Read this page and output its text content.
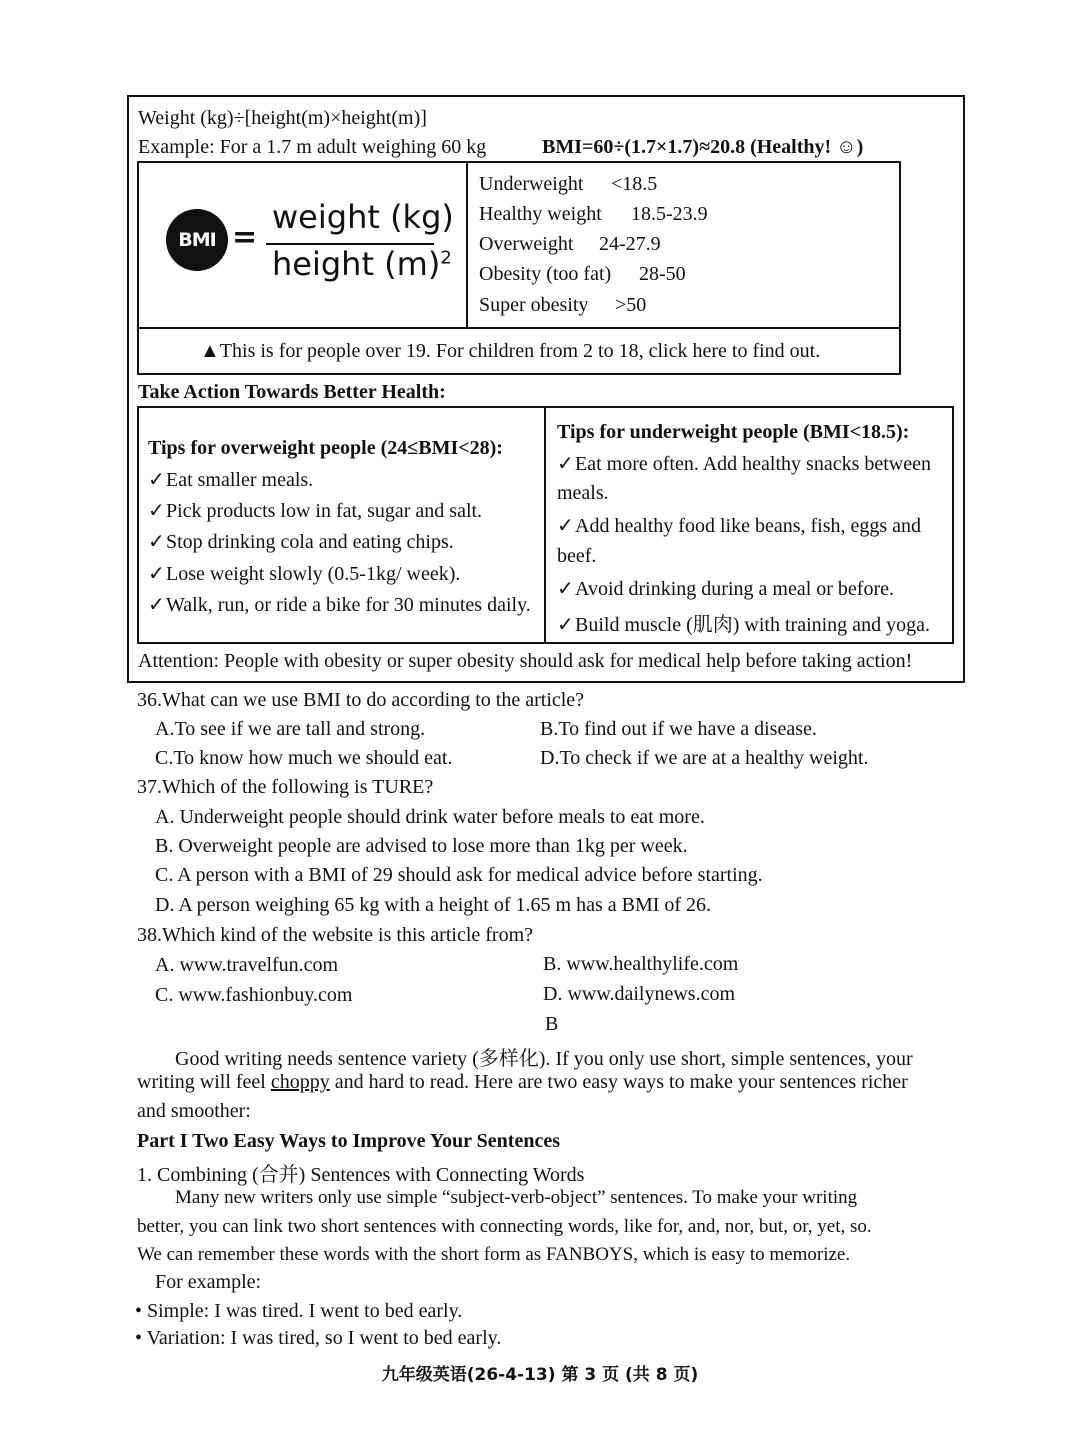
Weight (kg)÷[height(m)×height(m)]
Example: For a 1.7 m adult weighing 60 kg	BMI=60÷(1.7×1.7)≈20.8 (Healthy! ☺)
BMI =
weight (kg)
height $(m)^2$
Underweight <18.5
Healthy weight 18.5-23.9
Overweight 24-27.9
Obesity (too fat) 28-50
Super obesity >50
▲This is for people over 19. For children from 2 to 18, click here to find out.
Take Action Towards Better Health:
Tips for overweight people (24≤BMI<28):
✓Eat smaller meals.
✓Pick products low in fat, sugar and salt.
✓Stop drinking cola and eating chips.
✓Lose weight slowly (0.5-1kg/ week).
✓Walk, run, or ride a bike for 30 minutes daily.
Tips for underweight people (BMI<18.5):
✓Eat more often. Add healthy snacks between
meals.
✓Add healthy food like beans, fish, eggs and
beef.
✓Avoid drinking during a meal or before.
✓Build muscle (肌肉) with training and yoga.
Attention: People with obesity or super obesity should ask for medical help before taking action!
36.What can we use BMI to do according to the article?
A.To see if we are tall and strong.	B.To find out if we have a disease.
C.To know how much we should eat.	D.To check if we are at a healthy weight.
37.Which of the following is TURE?
A. Underweight people should drink water before meals to eat more.
B. Overweight people are advised to lose more than 1kg per week.
C. A person with a BMI of 29 should ask for medical advice before starting.
D. A person weighing 65 kg with a height of 1.65 m has a BMI of 26.
38.Which kind of the website is this article from?
A. www.travelfun.com	B. www.healthylife.com
C. www.fashionbuy.com	D. www.dailynews.com
B
Good writing needs sentence variety (多样化). If you only use short, simple sentences, your
writing will feel choppy and hard to read. Here are two easy ways to make your sentences richer
and smoother:
Part I Two Easy Ways to Improve Your Sentences
1. Combining (合并) Sentences with Connecting Words
Many new writers only use simple “subject-verb-object” sentences. To make your writing
better, you can link two short sentences with connecting words, like for, and, nor, but, or, yet, so.
We can remember these words with the short form as FANBOYS, which is easy to memorize.
For example:
• Simple: I was tired. I went to bed early.
• Variation: I was tired, so I went to bed early.
九年级英语(26-4-13) 第 3 页 (共 8 页)
